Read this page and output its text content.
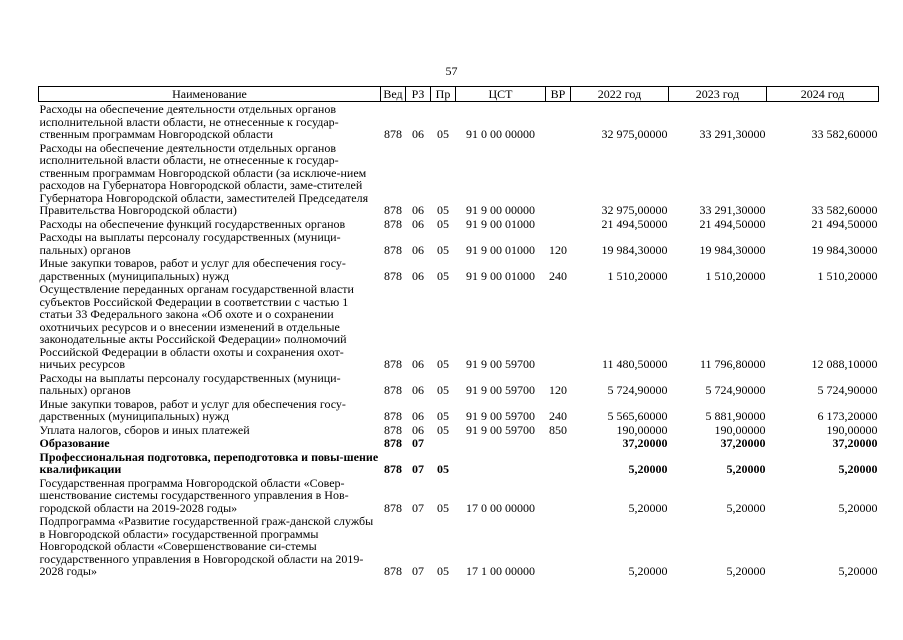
57
Наименование	Вед	РЗ	Пр	ЦСТ	ВР	2022 год	2023 год	2024 год
Расходы на обеспечение деятельности отдельных органов исполнительной власти области, не отнесенные к государ-ственным программам Новгородской области	878	06	05	91 0 00 00000		32 975,00000	33 291,30000	33 582,60000
Расходы на обеспечение деятельности отдельных органов исполнительной власти области, не отнесенные к государ-ственным программам Новгородской области (за исключе-нием расходов на Губернатора Новгородской области, заме-стителей Губернатора Новгородской области, заместителей Председателя Правительства Новгородской области)	878	06	05	91 9 00 00000		32 975,00000	33 291,30000	33 582,60000
Расходы на обеспечение функций государственных органов	878	06	05	91 9 00 01000		21 494,50000	21 494,50000	21 494,50000
Расходы на выплаты персоналу государственных (муници-пальных) органов	878	06	05	91 9 00 01000	120	19 984,30000	19 984,30000	19 984,30000
Иные закупки товаров, работ и услуг для обеспечения госу-дарственных (муниципальных) нужд	878	06	05	91 9 00 01000	240	1 510,20000	1 510,20000	1 510,20000
Осуществление переданных органам государственной власти субъектов Российской Федерации в соответствии с частью 1 статьи 33 Федерального закона «Об охоте и о сохранении охотничьих ресурсов и о внесении изменений в отдельные законодательные акты Российской Федерации» полномочий Российской Федерации в области охоты и сохранения охот-ничьих ресурсов	878	06	05	91 9 00 59700		11 480,50000	11 796,80000	12 088,10000
Расходы на выплаты персоналу государственных (муници-пальных) органов	878	06	05	91 9 00 59700	120	5 724,90000	5 724,90000	5 724,90000
Иные закупки товаров, работ и услуг для обеспечения госу-дарственных (муниципальных) нужд	878	06	05	91 9 00 59700	240	5 565,60000	5 881,90000	6 173,20000
Уплата налогов, сборов и иных платежей	878	06	05	91 9 00 59700	850	190,00000	190,00000	190,00000
Образование	878	07				37,20000	37,20000	37,20000
Профессиональная подготовка, переподготовка и повы-шение квалификации	878	07	05			5,20000	5,20000	5,20000
Государственная программа Новгородской области «Совер-шенствование системы государственного управления в Нов-городской области на 2019-2028 годы»	878	07	05	17 0 00 00000		5,20000	5,20000	5,20000
Подпрограмма «Развитие государственной граж-данской службы в Новгородской области» государственной программы Новгородской области «Совершенствование си-стемы государственного управления в Новгородской области на 2019-2028 годы»	878	07	05	17 1 00 00000		5,20000	5,20000	5,20000
